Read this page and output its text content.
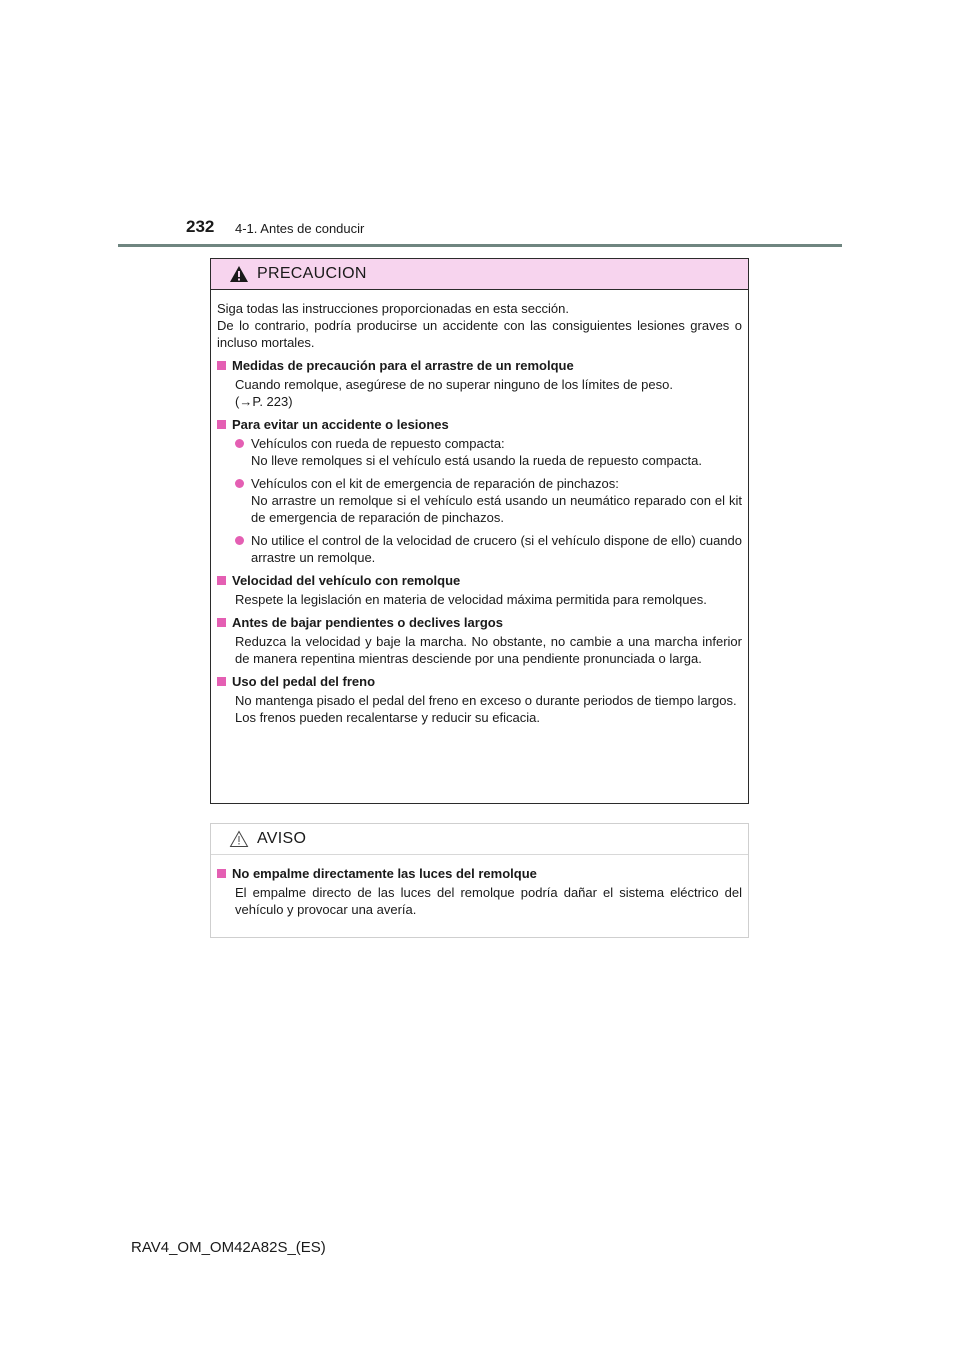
232 4-1. Antes de conducir
PRECAUCION

Siga todas las instrucciones proporcionadas en esta sección.
De lo contrario, podría producirse un accidente con las consiguientes lesiones graves o incluso mortales.

Medidas de precaución para el arrastre de un remolque
Cuando remolque, asegúrese de no superar ninguno de los límites de peso.
(→P. 223)
Para evitar un accidente o lesiones
Vehículos con rueda de repuesto compacta:
No lleve remolques si el vehículo está usando la rueda de repuesto compacta.
Vehículos con el kit de emergencia de reparación de pinchazos:
No arrastre un remolque si el vehículo está usando un neumático reparado con el kit de emergencia de reparación de pinchazos.
No utilice el control de la velocidad de crucero (si el vehículo dispone de ello) cuando arrastre un remolque.
Velocidad del vehículo con remolque
Respete la legislación en materia de velocidad máxima permitida para remolques.
Antes de bajar pendientes o declives largos
Reduzca la velocidad y baje la marcha. No obstante, no cambie a una marcha inferior de manera repentina mientras desciende por una pendiente pronunciada o larga.
Uso del pedal del freno
No mantenga pisado el pedal del freno en exceso o durante periodos de tiempo largos.
Los frenos pueden recalentarse y reducir su eficacia.
AVISO
No empalme directamente las luces del remolque
El empalme directo de las luces del remolque podría dañar el sistema eléctrico del vehículo y provocar una avería.
RAV4_OM_OM42A82S_(ES)
